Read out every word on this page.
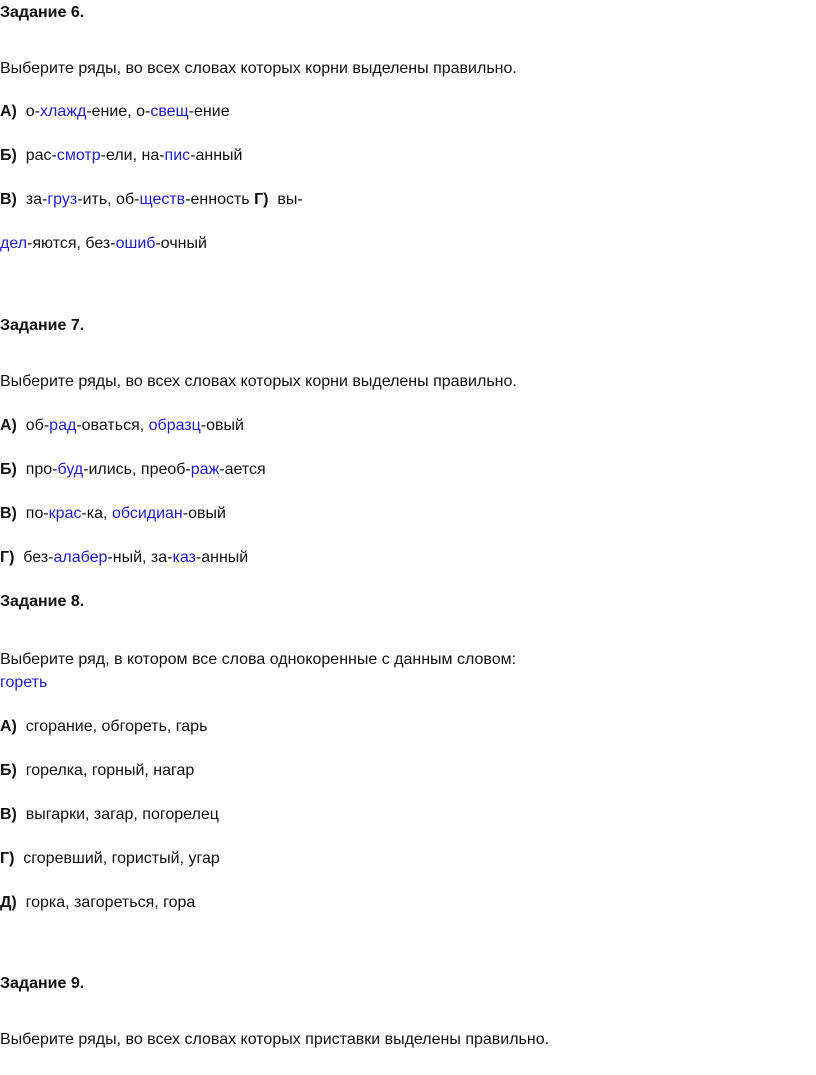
Задание 6.
Выберите ряды, во всех словах которых корни выделены правильно.
А) о-хлажд-ение, о-свещ-ение
Б) рас-смотр-ели, на-пис-анный
В) за-груз-ить, об-ществ-енность Г) вы-
дел-яются, без-ошиб-очный
Задание 7.
Выберите ряды, во всех словах которых корни выделены правильно.
А) об-рад-оваться, образц-овый
Б) про-буд-ились, преоб-раж-ается
В) по-крас-ка, обсидиан-овый
Г) без-алабер-ный, за-каз-анный
Задание 8.
Выберите ряд, в котором все слова однокоренные с данным словом:
гореть
А) сгорание, обгореть, гарь
Б) горелка, горный, нагар
В) выгарки, загар, погорелец
Г) сгоревший, гористый, угар
Д) горка, загореться, гора
Задание 9.
Выберите ряды, во всех словах которых приставки выделены правильно.
